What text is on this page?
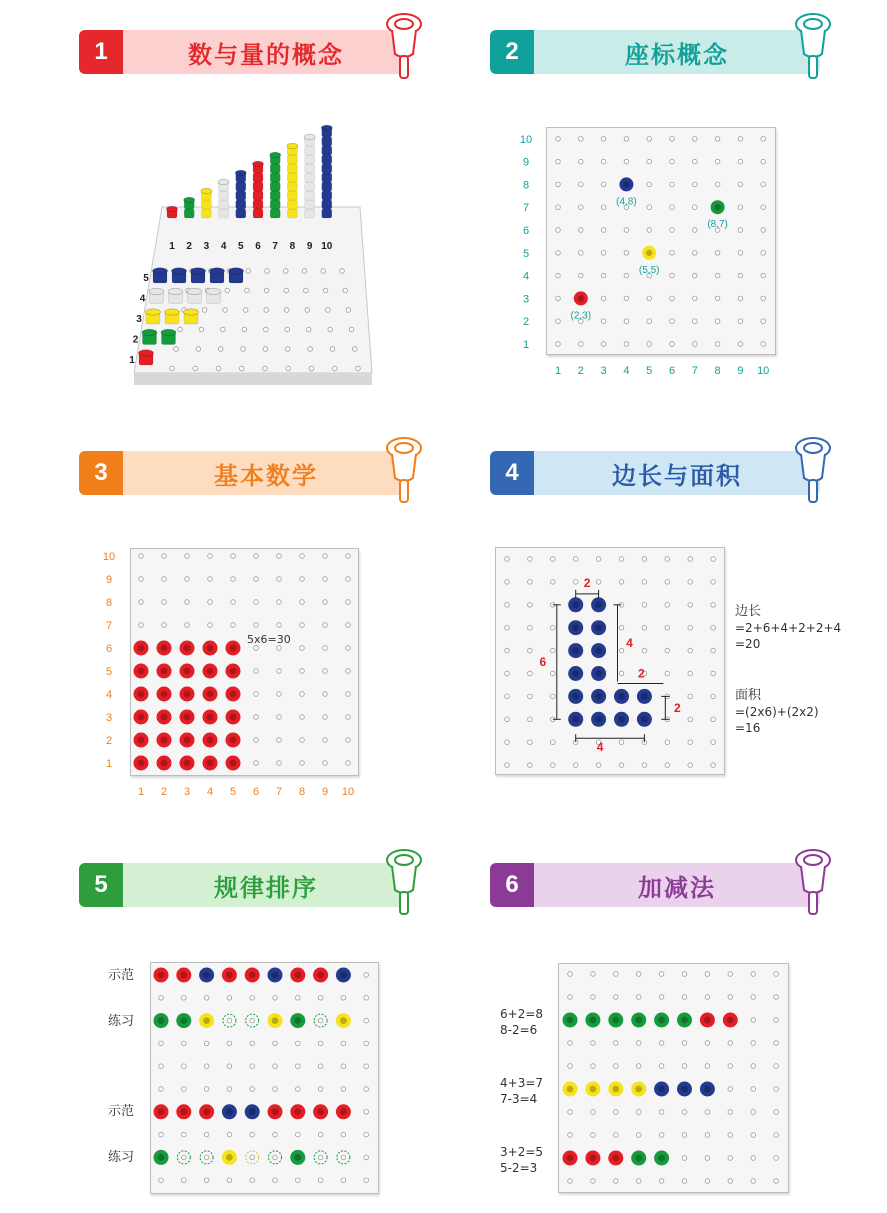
1	数与量的概念	2	座标概念
3	基本数学	4	边长与面积
5	规律排序	6	加减法
1 2 3 4 5 6 7 8 9 10
5
4
3
2
1
1
1
2
2
3
3
4
4
5
5
6
6
7
7
8
8
9
9
10
10
(4,8)
(8,7)
(5,5)
(2,3)
1
1
2
2
3
3
4
4
5
5
6
6
7
7
8
8
9
9
10
10
5x6=30
2
6
4
2
2
4
边长
=2+6+4+2+2+4
=20
面积
=(2x6)+(2x2)
=16
示范
练习
示范
练习
6+2=8
8-2=6
4+3=7
7-3=4
3+2=5
5-2=3
